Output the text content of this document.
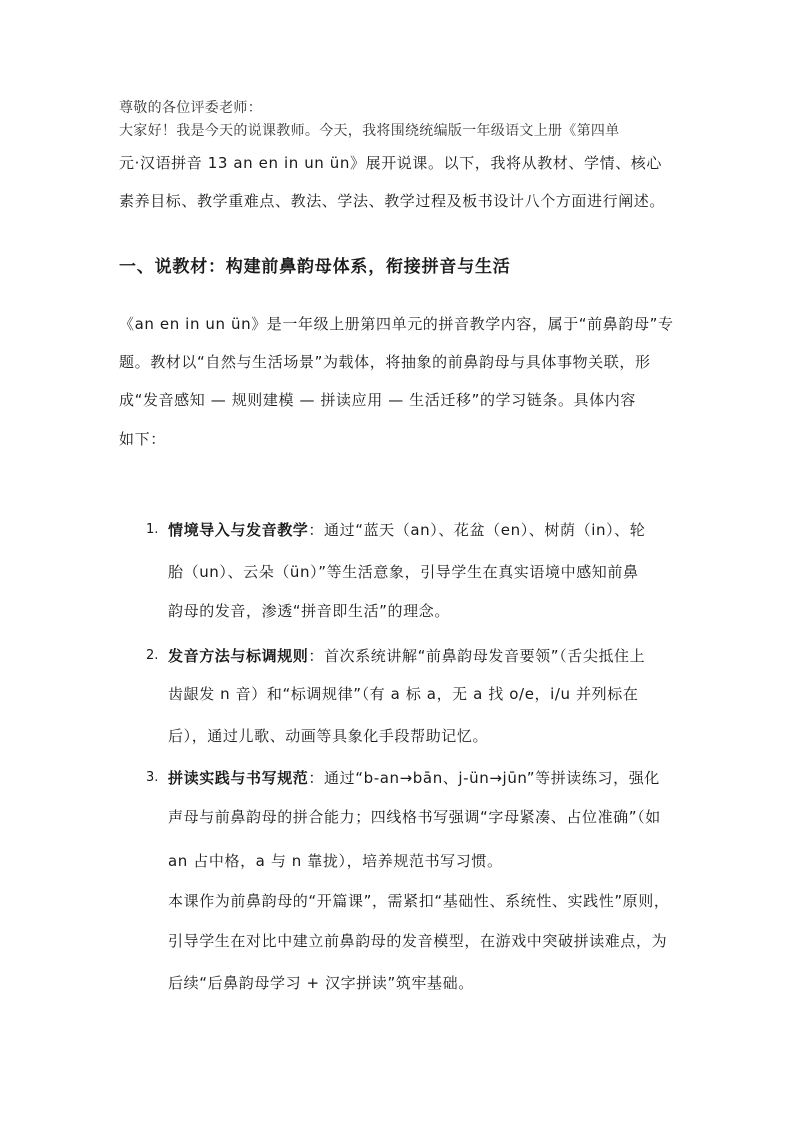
尊敬的各位评委老师：
大家好！我是今天的说课教师。今天，我将围绕统编版一年级语文上册《第四单
元·汉语拼音 13 an en in un ün》展开说课。以下，我将从教材、学情、核心
素养目标、教学重难点、教法、学法、教学过程及板书设计八个方面进行阐述。
一、说教材：构建前鼻韵母体系，衔接拼音与生活
《an en in un ün》是一年级上册第四单元的拼音教学内容，属于“前鼻韵母”专
题。教材以“自然与生活场景”为载体，将抽象的前鼻韵母与具体事物关联，形
成“发音感知 — 规则建模 — 拼读应用 — 生活迁移”的学习链条。具体内容
如下：
1. 情境导入与发音教学：通过“蓝天（an）、花盆（en）、树荫（in）、轮
胎（un）、云朵（ün）”等生活意象，引导学生在真实语境中感知前鼻
韵母的发音，渗透“拼音即生活”的理念。
2. 发音方法与标调规则：首次系统讲解“前鼻韵母发音要领”（舌尖抵住上
齿龈发 n 音）和“标调规律”（有 a 标 a，无 a 找 o/e，i/u 并列标在
后），通过儿歌、动画等具象化手段帮助记忆。
3. 拼读实践与书写规范：通过“b-an→bān、j-ün→jūn”等拼读练习，强化
声母与前鼻韵母的拼合能力；四线格书写强调“字母紧凑、占位准确”（如
an 占中格，a 与 n 靠拢），培养规范书写习惯。
本课作为前鼻韵母的“开篇课”，需紧扣“基础性、系统性、实践性”原则，
引导学生在对比中建立前鼻韵母的发音模型，在游戏中突破拼读难点，为
后续“后鼻韵母学习 + 汉字拼读”筑牢基础。
